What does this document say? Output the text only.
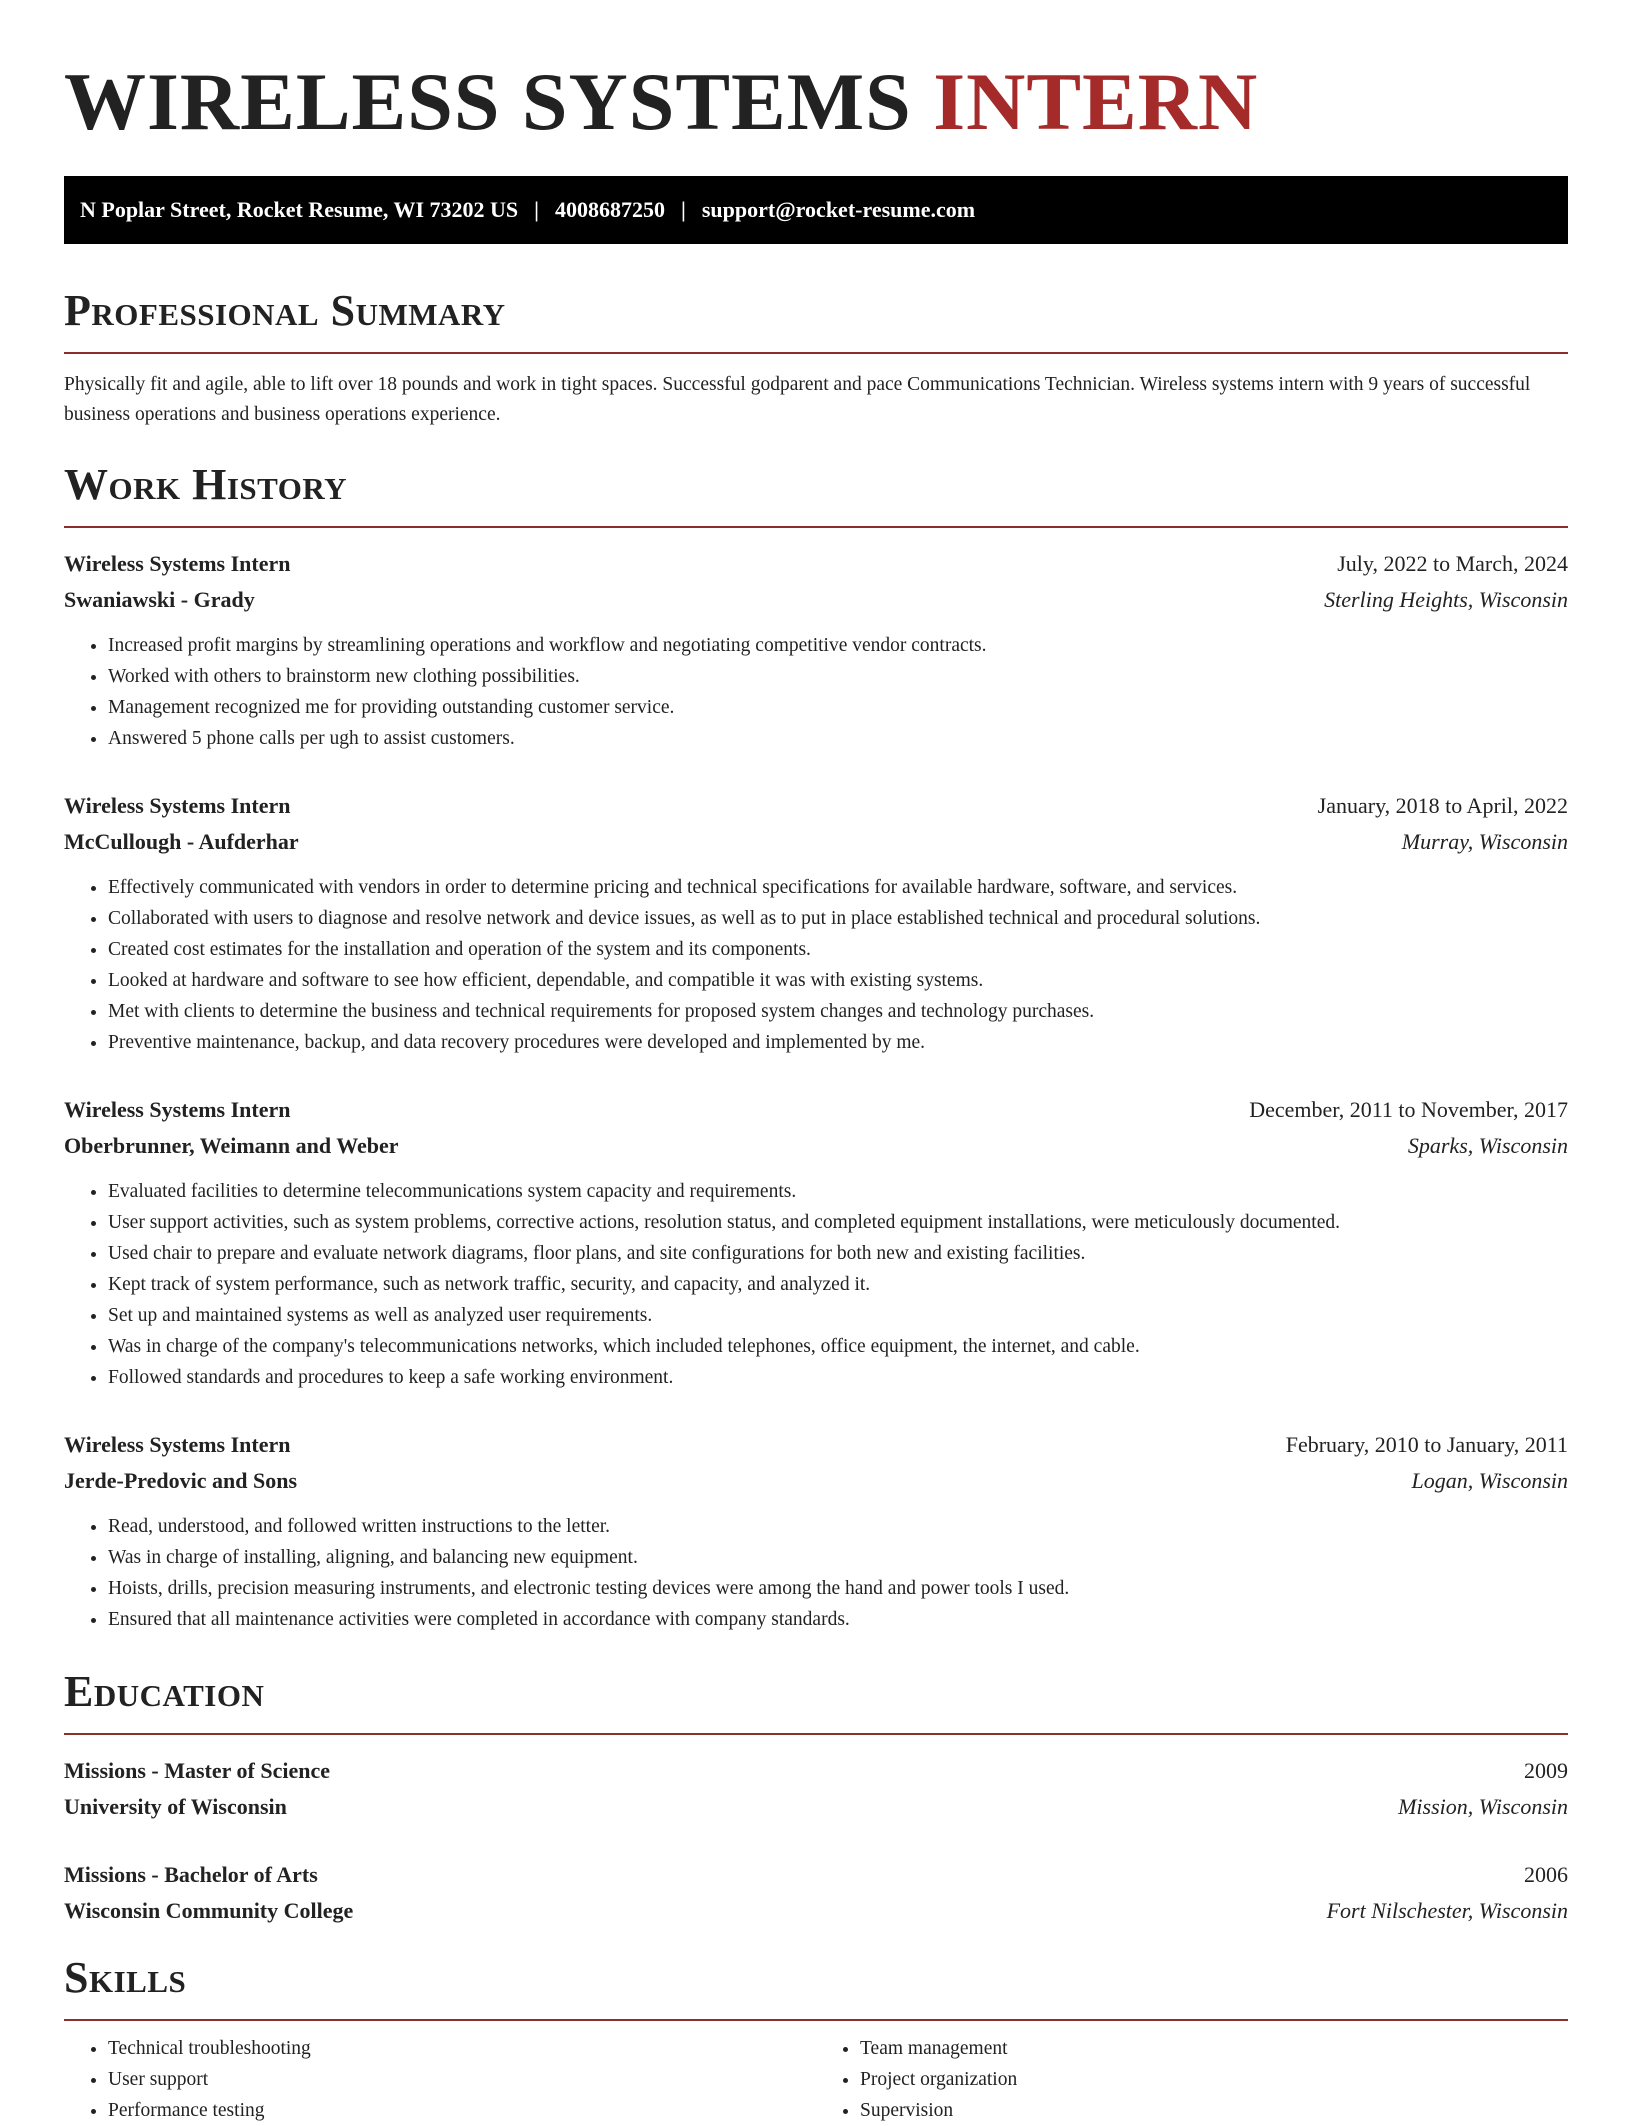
WIRELESS SYSTEMS INTERN
N Poplar Street, Rocket Resume, WI 73202 US | 4008687250 | support@rocket-resume.com
Professional Summary

Physically fit and agile, able to lift over 18 pounds and work in tight spaces. Successful godparent and pace Communications Technician. Wireless systems intern with 9 years of successful business operations and business operations experience.

Work History
Wireless Systems Intern	July, 2022 to March, 2024
Swaniawski - Grady	Sterling Heights, Wisconsin
• Increased profit margins by streamlining operations and workflow and negotiating competitive vendor contracts.
• Worked with others to brainstorm new clothing possibilities.
• Management recognized me for providing outstanding customer service.
• Answered 5 phone calls per ugh to assist customers.
Wireless Systems Intern	January, 2018 to April, 2022
McCullough - Aufderhar	Murray, Wisconsin
• Effectively communicated with vendors in order to determine pricing and technical specifications for available hardware, software, and services.
• Collaborated with users to diagnose and resolve network and device issues, as well as to put in place established technical and procedural solutions.
• Created cost estimates for the installation and operation of the system and its components.
• Looked at hardware and software to see how efficient, dependable, and compatible it was with existing systems.
• Met with clients to determine the business and technical requirements for proposed system changes and technology purchases.
• Preventive maintenance, backup, and data recovery procedures were developed and implemented by me.
Wireless Systems Intern	December, 2011 to November, 2017
Oberbrunner, Weimann and Weber	Sparks, Wisconsin
• Evaluated facilities to determine telecommunications system capacity and requirements.
• User support activities, such as system problems, corrective actions, resolution status, and completed equipment installations, were meticulously documented.
• Used chair to prepare and evaluate network diagrams, floor plans, and site configurations for both new and existing facilities.
• Kept track of system performance, such as network traffic, security, and capacity, and analyzed it.
• Set up and maintained systems as well as analyzed user requirements.
• Was in charge of the company's telecommunications networks, which included telephones, office equipment, the internet, and cable.
• Followed standards and procedures to keep a safe working environment.
Wireless Systems Intern	February, 2010 to January, 2011
Jerde-Predovic and Sons	Logan, Wisconsin
• Read, understood, and followed written instructions to the letter.
• Was in charge of installing, aligning, and balancing new equipment.
• Hoists, drills, precision measuring instruments, and electronic testing devices were among the hand and power tools I used.
• Ensured that all maintenance activities were completed in accordance with company standards.
Education
Missions - Master of Science	2009
University of Wisconsin	Mission, Wisconsin
Missions - Bachelor of Arts	2006
Wisconsin Community College	Fort Nilschester, Wisconsin
Skills
• Technical troubleshooting
• User support
• Performance testing
• Team management
• Project organization
• Supervision
